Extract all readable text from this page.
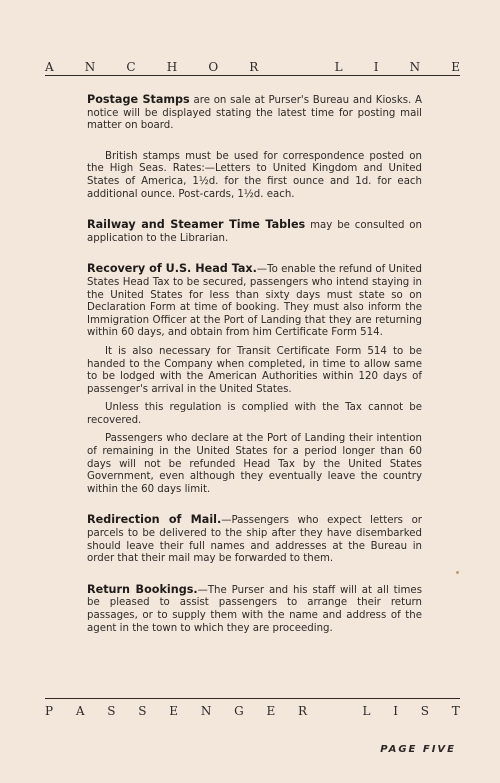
A	N	C	H	O	R	L	I	N	E

Postage Stamps are on sale at Purser's Bureau and Kiosks. A notice will be displayed stating the latest time for posting mail matter on board.

British stamps must be used for correspondence posted on the High Seas. Rates:—Letters to United Kingdom and United States of America, 1½d. for the first ounce and 1d. for each additional ounce. Post-cards, 1½d. each.

Railway and Steamer Time Tables may be consulted on application to the Librarian.

Recovery of U.S. Head Tax.—To enable the refund of United States Head Tax to be secured, passengers who intend staying in the United States for less than sixty days must state so on Declaration Form at time of booking. They must also inform the Immigration Officer at the Port of Landing that they are returning within 60 days, and obtain from him Certificate Form 514.

It is also necessary for Transit Certificate Form 514 to be handed to the Company when completed, in time to allow same to be lodged with the American Authorities within 120 days of passenger's arrival in the United States.

Unless this regulation is complied with the Tax cannot be recovered.

Passengers who declare at the Port of Landing their intention of remaining in the United States for a period longer than 60 days will not be refunded Head Tax by the United States Government, even although they eventually leave the country within the 60 days limit.

Redirection of Mail.—Passengers who expect letters or parcels to be delivered to the ship after they have disembarked should leave their full names and addresses at the Bureau in order that their mail may be forwarded to them.

Return Bookings.—The Purser and his staff will at all times be pleased to assist passengers to arrange their return passages, or to supply them with the name and address of the agent in the town to which they are proceeding.

P A S S E N G E R	L I S T
PAGE FIVE
